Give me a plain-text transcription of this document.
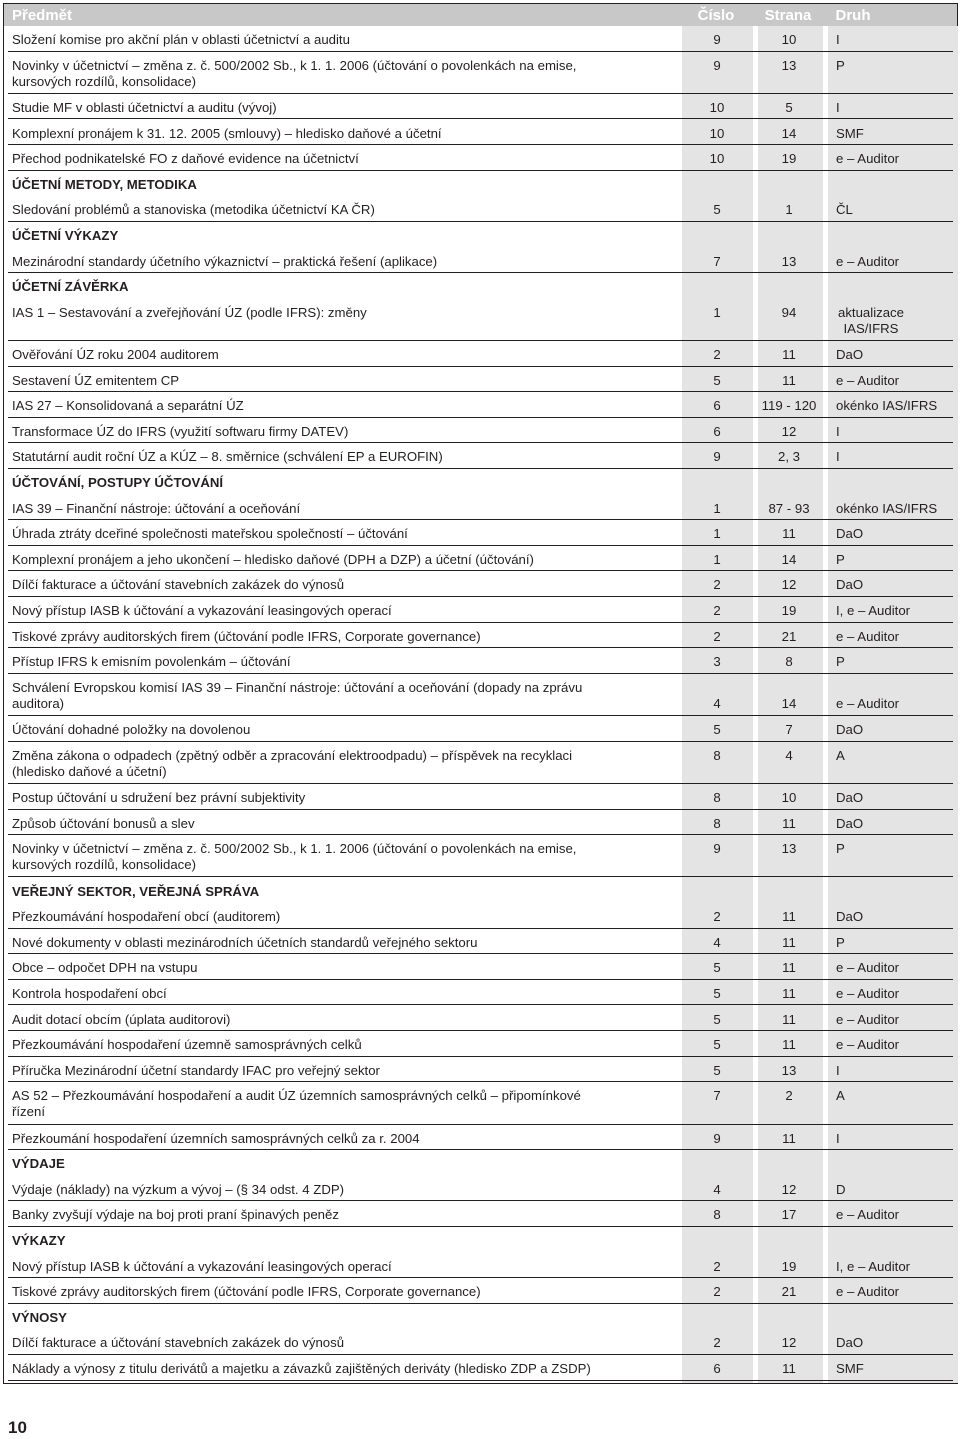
Předmět	Číslo	Strana	Druh
Složení komise pro akční plán v oblasti účetnictví a auditu	9	10	I
Novinky v účetnictví – změna z. č. 500/2002 Sb., k 1. 1. 2006 (účtování o povolenkách na emise,
kursových rozdílů, konsolidace)
9	13	P
Studie MF v oblasti účetnictví a auditu (vývoj)	10	5	I
Komplexní pronájem k 31. 12. 2005 (smlouvy) – hledisko daňové a účetní	10	14	SMF
Přechod podnikatelské FO z daňové evidence na účetnictví	10	19	e – Auditor
ÚČETNÍ METODY, METODIKA
Sledování problémů a stanoviska (metodika účetnictví KA ČR)	5	1	ČL
ÚČETNÍ VÝKAZY
Mezinárodní standardy účetního výkaznictví – praktická řešení (aplikace)	7	13	e – Auditor
ÚČETNÍ ZÁVĚRKA
IAS 1 – Sestavování a zveřejňování ÚZ (podle IFRS): změny	1	94	aktualizace
IAS/IFRS
Ověřování ÚZ roku 2004 auditorem	2	11	DaO
Sestavení ÚZ emitentem CP	5	11	e – Auditor
IAS 27 – Konsolidovaná a separátní ÚZ	6	119 - 120	okénko IAS/IFRS
Transformace ÚZ do IFRS (využití softwaru firmy DATEV)	6	12	I
Statutární audit roční ÚZ a KÚZ – 8. směrnice (schválení EP a EUROFIN)	9	2, 3	I
ÚČTOVÁNÍ, POSTUPY ÚČTOVÁNÍ
IAS 39 – Finanční nástroje: účtování a oceňování	1	87 - 93	okénko IAS/IFRS
Úhrada ztráty dceřiné společnosti mateřskou společností – účtování	1	11	DaO
Komplexní pronájem a jeho ukončení – hledisko daňové (DPH a DZP) a účetní (účtování)	1	14	P
Dílčí fakturace a účtování stavebních zakázek do výnosů	2	12	DaO
Nový přístup IASB k účtování a vykazování leasingových operací	2	19	I, e – Auditor
Tiskové zprávy auditorských firem (účtování podle IFRS, Corporate governance)	2	21	e – Auditor
Přístup IFRS k emisním povolenkám – účtování	3	8	P
Schválení Evropskou komisí IAS 39 – Finanční nástroje: účtování a oceňování (dopady na zprávu
auditora)	4	14	e – Auditor
Účtování dohadné položky na dovolenou	5	7	DaO
Změna zákona o odpadech (zpětný odběr a zpracování elektroodpadu) – příspěvek na recyklaci
(hledisko daňové a účetní)
8	4	A
Postup účtování u sdružení bez právní subjektivity	8	10	DaO
Způsob účtování bonusů a slev	8	11	DaO
Novinky v účetnictví – změna z. č. 500/2002 Sb., k 1. 1. 2006 (účtování o povolenkách na emise,
kursových rozdílů, konsolidace)
9	13	P
VEŘEJNÝ SEKTOR, VEŘEJNÁ SPRÁVA
Přezkoumávání hospodaření obcí (auditorem)	2	11	DaO
Nové dokumenty v oblasti mezinárodních účetních standardů veřejného sektoru	4	11	P
Obce – odpočet DPH na vstupu	5	11	e – Auditor
Kontrola hospodaření obcí	5	11	e – Auditor
Audit dotací obcím (úplata auditorovi)	5	11	e – Auditor
Přezkoumávání hospodaření územně samosprávných celků	5	11	e – Auditor
Příručka Mezinárodní účetní standardy IFAC pro veřejný sektor	5	13	I
AS 52 – Přezkoumávání hospodaření a audit ÚZ územních samosprávných celků – připomínkové
řízení
7	2	A
Přezkoumání hospodaření územních samosprávných celků za r. 2004	9	11	I
VÝDAJE
Výdaje (náklady) na výzkum a vývoj – (§ 34 odst. 4 ZDP)	4	12	D
Banky zvyšují výdaje na boj proti praní špinavých peněz	8	17	e – Auditor
VÝKAZY
Nový přístup IASB k účtování a vykazování leasingových operací	2	19	I, e – Auditor
Tiskové zprávy auditorských firem (účtování podle IFRS, Corporate governance)	2	21	e – Auditor
VÝNOSY
Dílčí fakturace a účtování stavebních zakázek do výnosů	2	12	DaO
Náklady a výnosy z titulu derivátů a majetku a závazků zajištěných deriváty (hledisko ZDP a ZSDP)	6	11	SMF
10
